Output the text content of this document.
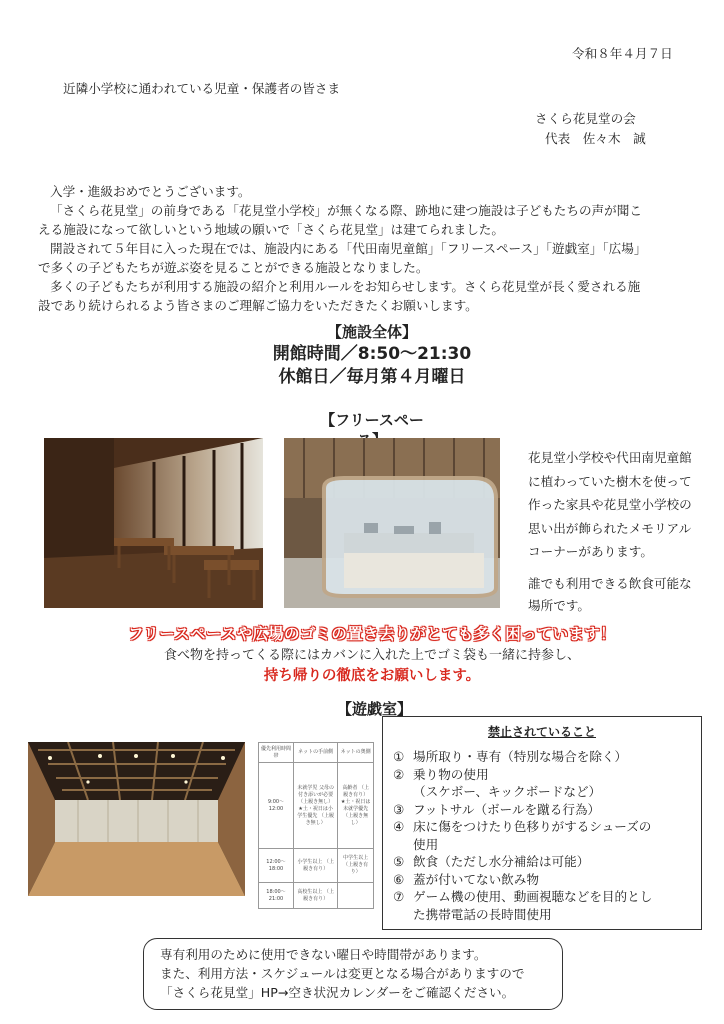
令和８年４月７日
近隣小学校に通われている児童・保護者の皆さま
さくら花見堂の会
代表　佐々木　誠
入学・進級おめでとうございます。
「さくら花見堂」の前身である「花見堂小学校」が無くなる際、跡地に建つ施設は子どもたちの声が聞こ
える施設になって欲しいという地域の願いで「さくら花見堂」は建てられました。
開設されて５年目に入った現在では、施設内にある「代田南児童館」「フリースペース」「遊戯室」「広場」
で多くの子どもたちが遊ぶ姿を見ることができる施設となりました。
多くの子どもたちが利用する施設の紹介と利用ルールをお知らせします。さくら花見堂が長く愛される施
設であり続けられるよう皆さまのご理解ご協力をいただきたくお願いします。
【施設全体】
開館時間／8:50～21:30
休館日／毎月第４月曜日
【フリースペー
花見堂小学校や代田南児童館
に植わっていた樹木を使って
作った家具や花見堂小学校の
思い出が飾られたメモリアル
コーナーがあります。
誰でも利用できる飲食可能な
場所です。
フリースペースや広場のゴミの置き去りがとても多く困っています！
食べ物を持ってくる際にはカバンに入れた上でゴミ袋も一緒に持参し、
持ち帰りの徹底をお願いします。
【遊戯室】
優先利用時間帯	ネットの手前側	ネットの奥側
9:00～12:00	未就学児 父母の付き添いが必要 （上履き無し） ★土・祝日は小学生優先 （上履き無し）	高齢者 （上履き有り） ★土・祝日は未就学優先 （上履き無し）
12:00～18:00	小学生以上 （上履き有り）	中学生以上 （上履き有り）
18:00～21:00	高校生以上 （上履き有り）	
禁止されていること
① 場所取り・専有（特別な場合を除く）
② 乗り物の使用
（スケボー、キックボードなど）
③ フットサル（ボールを蹴る行為）
④ 床に傷をつけたり色移りがするシューズの
使用
⑤ 飲食（ただし水分補給は可能）
⑥ 蓋が付いてない飲み物
⑦ ゲーム機の使用、動画視聴などを目的とし
た携帯電話の長時間使用
専有利用のために使用できない曜日や時間帯があります。
また、利用方法・スケジュールは変更となる場合がありますので
「さくら花見堂」HP→空き状況カレンダーをご確認ください。
